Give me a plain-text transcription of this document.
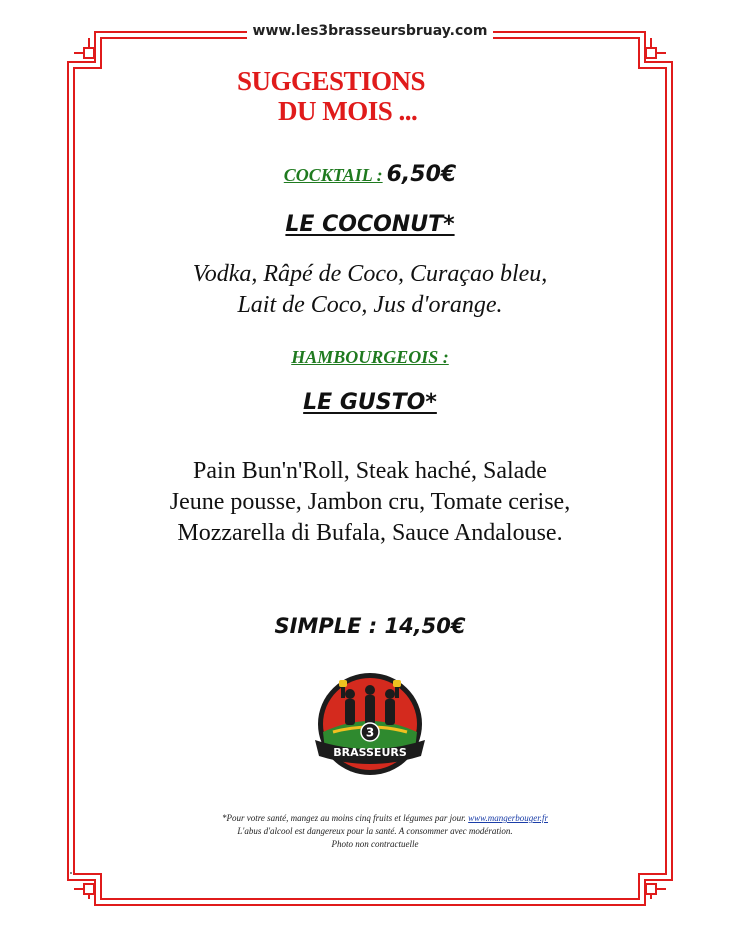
www.les3brasseursbruay.com
SUGGESTIONS
DU MOIS ...
COCKTAIL : 6,50€
LE COCONUT*
Vodka, Râpé de Coco, Curaçao bleu,
Lait de Coco, Jus d'orange.
HAMBOURGEOIS :
LE GUSTO*
Pain Bun'n'Roll, Steak haché, Salade
Jeune pousse, Jambon cru, Tomate cerise,
Mozzarella di Bufala, Sauce Andalouse.
SIMPLE : 14,50€
3
BRASSEURS
*Pour votre santé, mangez au moins cinq fruits et légumes par jour. www.mangerbouger.fr
L'abus d'alcool est dangereux pour la santé. A consommer avec modération.
Photo non contractuelle
